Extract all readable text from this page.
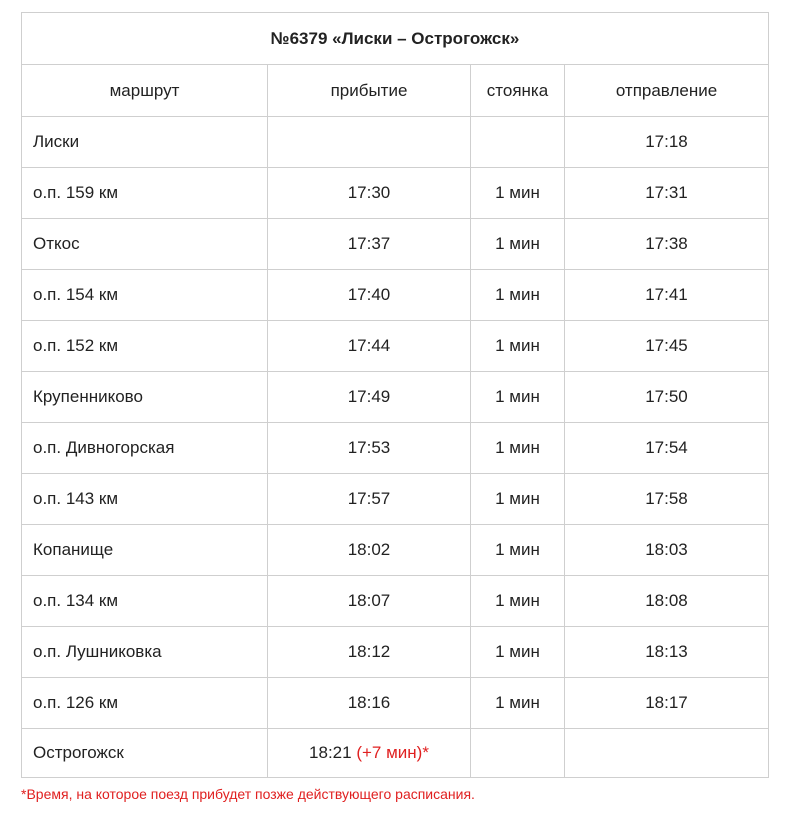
№6379 «Лиски – Острогожск»			
маршрут	прибытие	стоянка	отправление
Лиски			17:18
о.п. 159 км	17:30	1 мин	17:31
Откос	17:37	1 мин	17:38
о.п. 154 км	17:40	1 мин	17:41
о.п. 152 км	17:44	1 мин	17:45
Крупенниково	17:49	1 мин	17:50
о.п. Дивногорская	17:53	1 мин	17:54
о.п. 143 км	17:57	1 мин	17:58
Копанище	18:02	1 мин	18:03
о.п. 134 км	18:07	1 мин	18:08
о.п. Лушниковка	18:12	1 мин	18:13
о.п. 126 км	18:16	1 мин	18:17
Острогожск	18:21 (+7 мин)*		
*Время, на которое поезд прибудет позже действующего расписания.
